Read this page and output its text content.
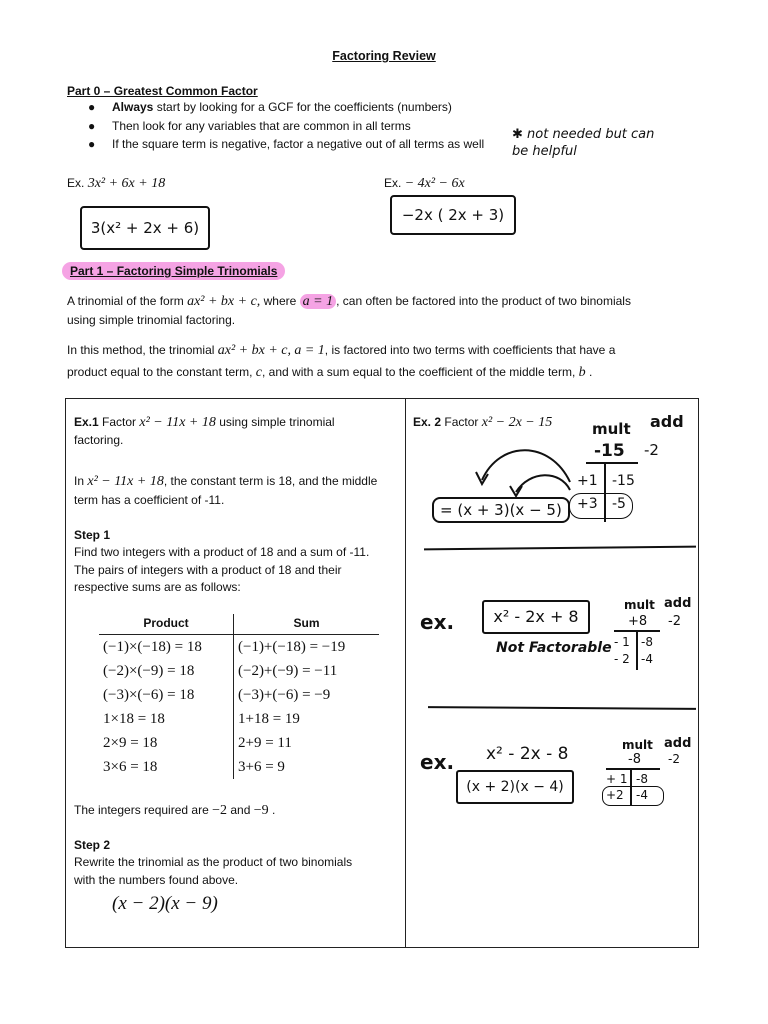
Factoring Review
Part 0 – Greatest Common Factor
● Always start by looking for a GCF for the coefficients (numbers)
● Then look for any variables that are common in all terms
● If the square term is negative, factor a negative out of all terms as well
✱ not needed but can be helpful
Ex. 3x² + 6x + 18
3(x² + 2x + 6)
Ex. − 4x² − 6x
−2x ( 2x + 3)
Part 1 – Factoring Simple Trinomials
A trinomial of the form ax² + bx + c, where a = 1 , can often be factored into the product of two binomials
using simple trinomial factoring.
In this method, the trinomial ax² + bx + c, a = 1, is factored into two terms with coefficients that have a
product equal to the constant term, c, and with a sum equal to the coefficient of the middle term, b .
Ex.1 Factor x² − 11x + 18 using simple trinomial
factoring.
In x² − 11x + 18, the constant term is 18, and the middle
term has a coefficient of -11.
Step 1
Find two integers with a product of 18 and a sum of -11.
The pairs of integers with a product of 18 and their
respective sums are as follows:
Product	Sum
(−1)×(−18) = 18	(−1)+(−18) = −19
(−2)×(−9) = 18	(−2)+(−9) = −11
(−3)×(−6) = 18	(−3)+(−6) = −9
1×18 = 18	1+18 = 19
2×9 = 18	2+9 = 11
3×6 = 18	3+6 = 9
The integers required are −2 and −9 .
Step 2
Rewrite the trinomial as the product of two binomials
with the numbers found above.
(x − 2)(x − 9)
Ex. 2 Factor x² − 2x − 15	mult add
-15 -2
+1 -15
+3 -5
= (x + 3)(x − 5)
ex.	x² - 2x + 8
Not Factorable
mult add
+8 -2
- 1 -8
- 2 -4
ex. x² - 2x - 8
(x + 2)(x − 4)
mult add
-8 -2
+ 1 -8
+2 -4
